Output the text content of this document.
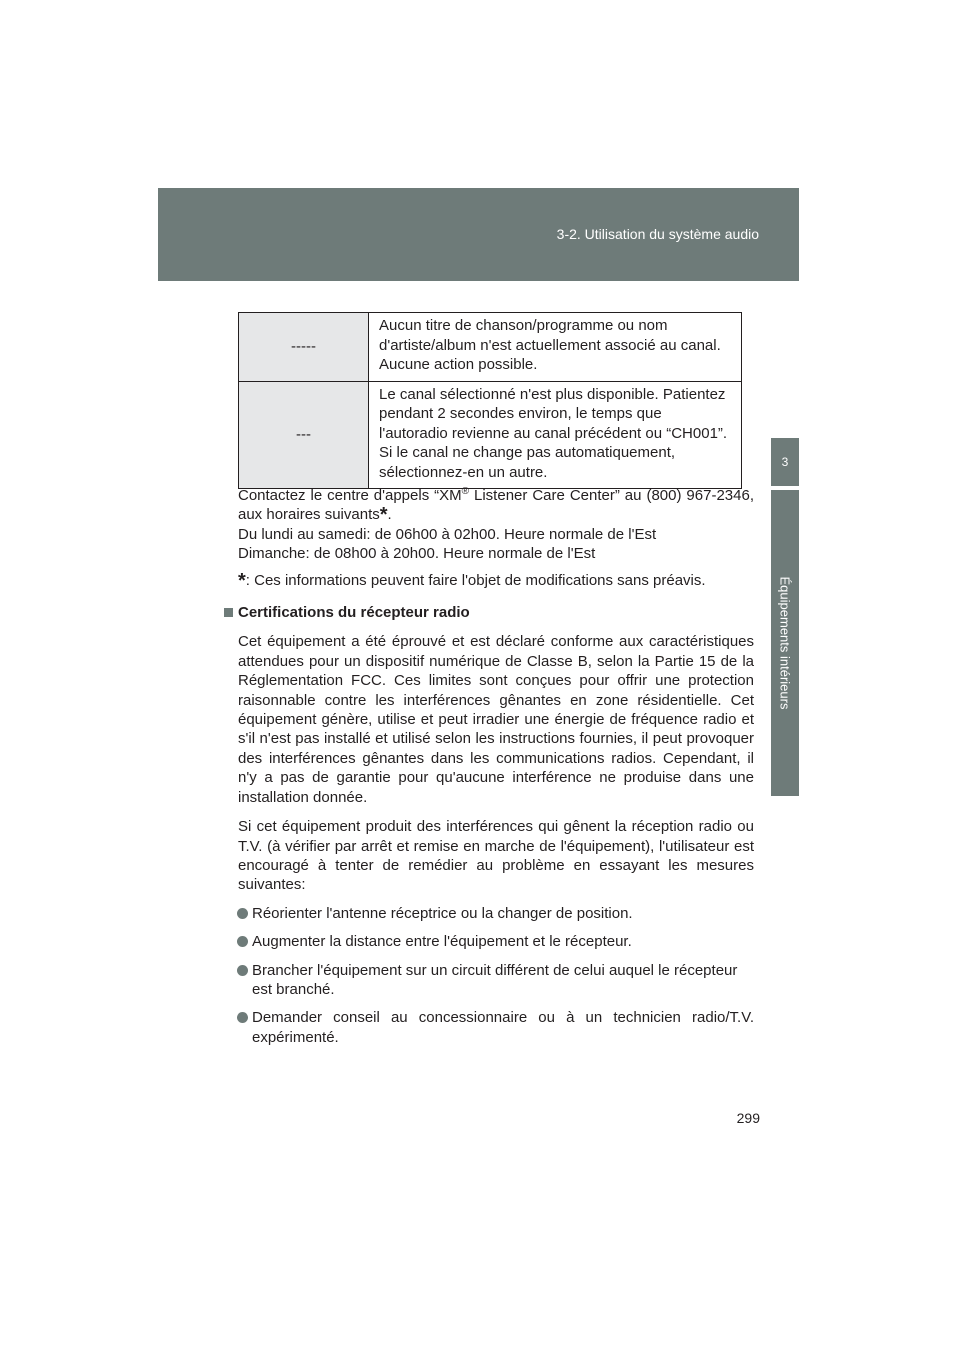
3-2. Utilisation du système audio
3
Équipements intérieurs
-----	Aucun titre de chanson/programme ou nom d'artiste/album n'est actuellement associé au canal. Aucune action possible.
---	Le canal sélectionné n'est plus disponible. Patientez pendant 2 secondes environ, le temps que l'autoradio revienne au canal précédent ou “CH001”. Si le canal ne change pas automatiquement, sélectionnez-en un autre.

Contactez le centre d'appels “XM® Listener Care Center” au (800) 967-2346, aux horaires suivants*.

Du lundi au samedi: de 06h00 à 02h00. Heure normale de l'Est

Dimanche: de 08h00 à 20h00. Heure normale de l'Est

*: Ces informations peuvent faire l'objet de modifications sans préavis.

Certifications du récepteur radio

Cet équipement a été éprouvé et est déclaré conforme aux caractéristiques attendues pour un dispositif numérique de Classe B, selon la Partie 15 de la Réglementation FCC. Ces limites sont conçues pour offrir une protection raisonnable contre les interférences gênantes en zone résidentielle. Cet équipement génère, utilise et peut irradier une énergie de fréquence radio et s'il n'est pas installé et utilisé selon les instructions fournies, il peut provoquer des interférences gênantes dans les communications radios. Cependant, il n'y a pas de garantie pour qu'aucune interférence ne produise dans une installation donnée.

Si cet équipement produit des interférences qui gênent la réception radio ou T.V. (à vérifier par arrêt et remise en marche de l'équipement), l'utilisateur est encouragé à tenter de remédier au problème en essayant les mesures suivantes:

Réorienter l'antenne réceptrice ou la changer de position.

Augmenter la distance entre l'équipement et le récepteur.

Brancher l'équipement sur un circuit différent de celui auquel le récepteur est branché.

Demander conseil au concessionnaire ou à un technicien radio/T.V. expérimenté.

299
